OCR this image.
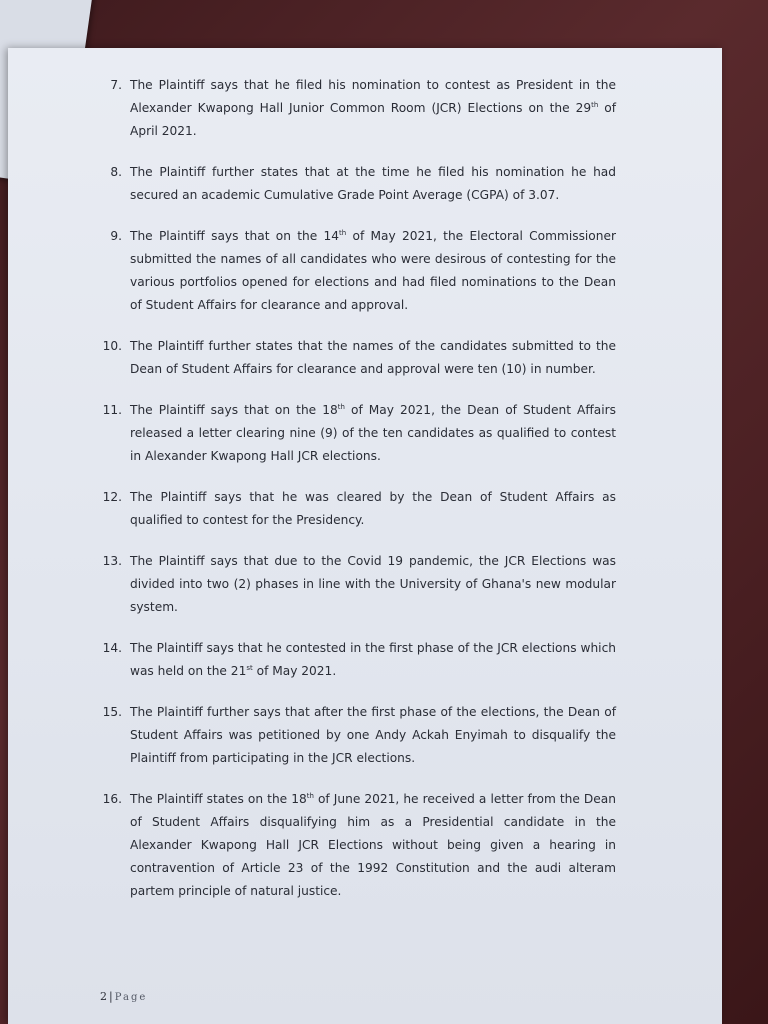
7. The Plaintiff says that he filed his nomination to contest as President in the Alexander Kwapong Hall Junior Common Room (JCR) Elections on the 29th of April 2021.
8. The Plaintiff further states that at the time he filed his nomination he had secured an academic Cumulative Grade Point Average (CGPA) of 3.07.
9. The Plaintiff says that on the 14th of May 2021, the Electoral Commissioner submitted the names of all candidates who were desirous of contesting for the various portfolios opened for elections and had filed nominations to the Dean of Student Affairs for clearance and approval.
10. The Plaintiff further states that the names of the candidates submitted to the Dean of Student Affairs for clearance and approval were ten (10) in number.
11. The Plaintiff says that on the 18th of May 2021, the Dean of Student Affairs released a letter clearing nine (9) of the ten candidates as qualified to contest in Alexander Kwapong Hall JCR elections.
12. The Plaintiff says that he was cleared by the Dean of Student Affairs as qualified to contest for the Presidency.
13. The Plaintiff says that due to the Covid 19 pandemic, the JCR Elections was divided into two (2) phases in line with the University of Ghana's new modular system.
14. The Plaintiff says that he contested in the first phase of the JCR elections which was held on the 21st of May 2021.
15. The Plaintiff further says that after the first phase of the elections, the Dean of Student Affairs was petitioned by one Andy Ackah Enyimah to disqualify the Plaintiff from participating in the JCR elections.
16. The Plaintiff states on the 18th of June 2021, he received a letter from the Dean of Student Affairs disqualifying him as a Presidential candidate in the Alexander Kwapong Hall JCR Elections without being given a hearing in contravention of Article 23 of the 1992 Constitution and the audi alteram partem principle of natural justice.
2 | Page
